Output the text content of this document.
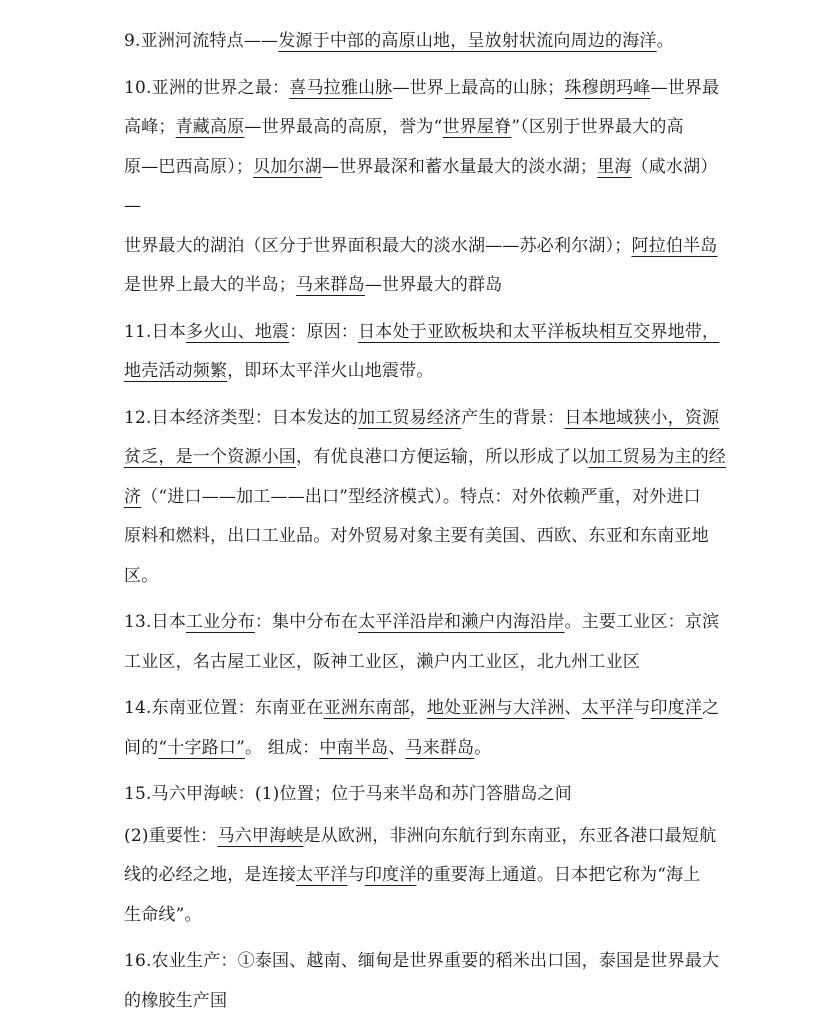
9.亚洲河流特点——发源于中部的高原山地，呈放射状流向周边的海洋。

10.亚洲的世界之最：喜马拉雅山脉—世界上最高的山脉；珠穆朗玛峰—世界最
高峰；青藏高原—世界最高的高原，誉为“世界屋脊”（区别于世界最大的高
原—巴西高原）；贝加尔湖—世界最深和蓄水量最大的淡水湖；里海（咸水湖）—
世界最大的湖泊（区分于世界面积最大的淡水湖——苏必利尔湖）；阿拉伯半岛
是世界上最大的半岛；马来群岛—世界最大的群岛

11.日本多火山、地震：原因：日本处于亚欧板块和太平洋板块相互交界地带，
地壳活动频繁，即环太平洋火山地震带。

12.日本经济类型：日本发达的加工贸易经济产生的背景：日本地域狭小，资源
贫乏，是一个资源小国，有优良港口方便运输，所以形成了以加工贸易为主的经
济（“进口——加工——出口”型经济模式）。特点：对外依赖严重，对外进口
原料和燃料，出口工业品。对外贸易对象主要有美国、西欧、东亚和东南亚地
区。

13.日本工业分布：集中分布在太平洋沿岸和濑户内海沿岸。主要工业区：京滨
工业区，名古屋工业区，阪神工业区，濑户内工业区，北九州工业区

14.东南亚位置：东南亚在亚洲东南部，地处亚洲与大洋洲、太平洋与印度洋之
间的“十字路口”。 组成：中南半岛、马来群岛。

15.马六甲海峡：(1)位置；位于马来半岛和苏门答腊岛之间

(2)重要性：马六甲海峡是从欧洲，非洲向东航行到东南亚，东亚各港口最短航
线的必经之地，是连接太平洋与印度洋的重要海上通道。日本把它称为“海上
生命线”。

16.农业生产：①泰国、越南、缅甸是世界重要的稻米出口国，泰国是世界最大
的橡胶生产国
